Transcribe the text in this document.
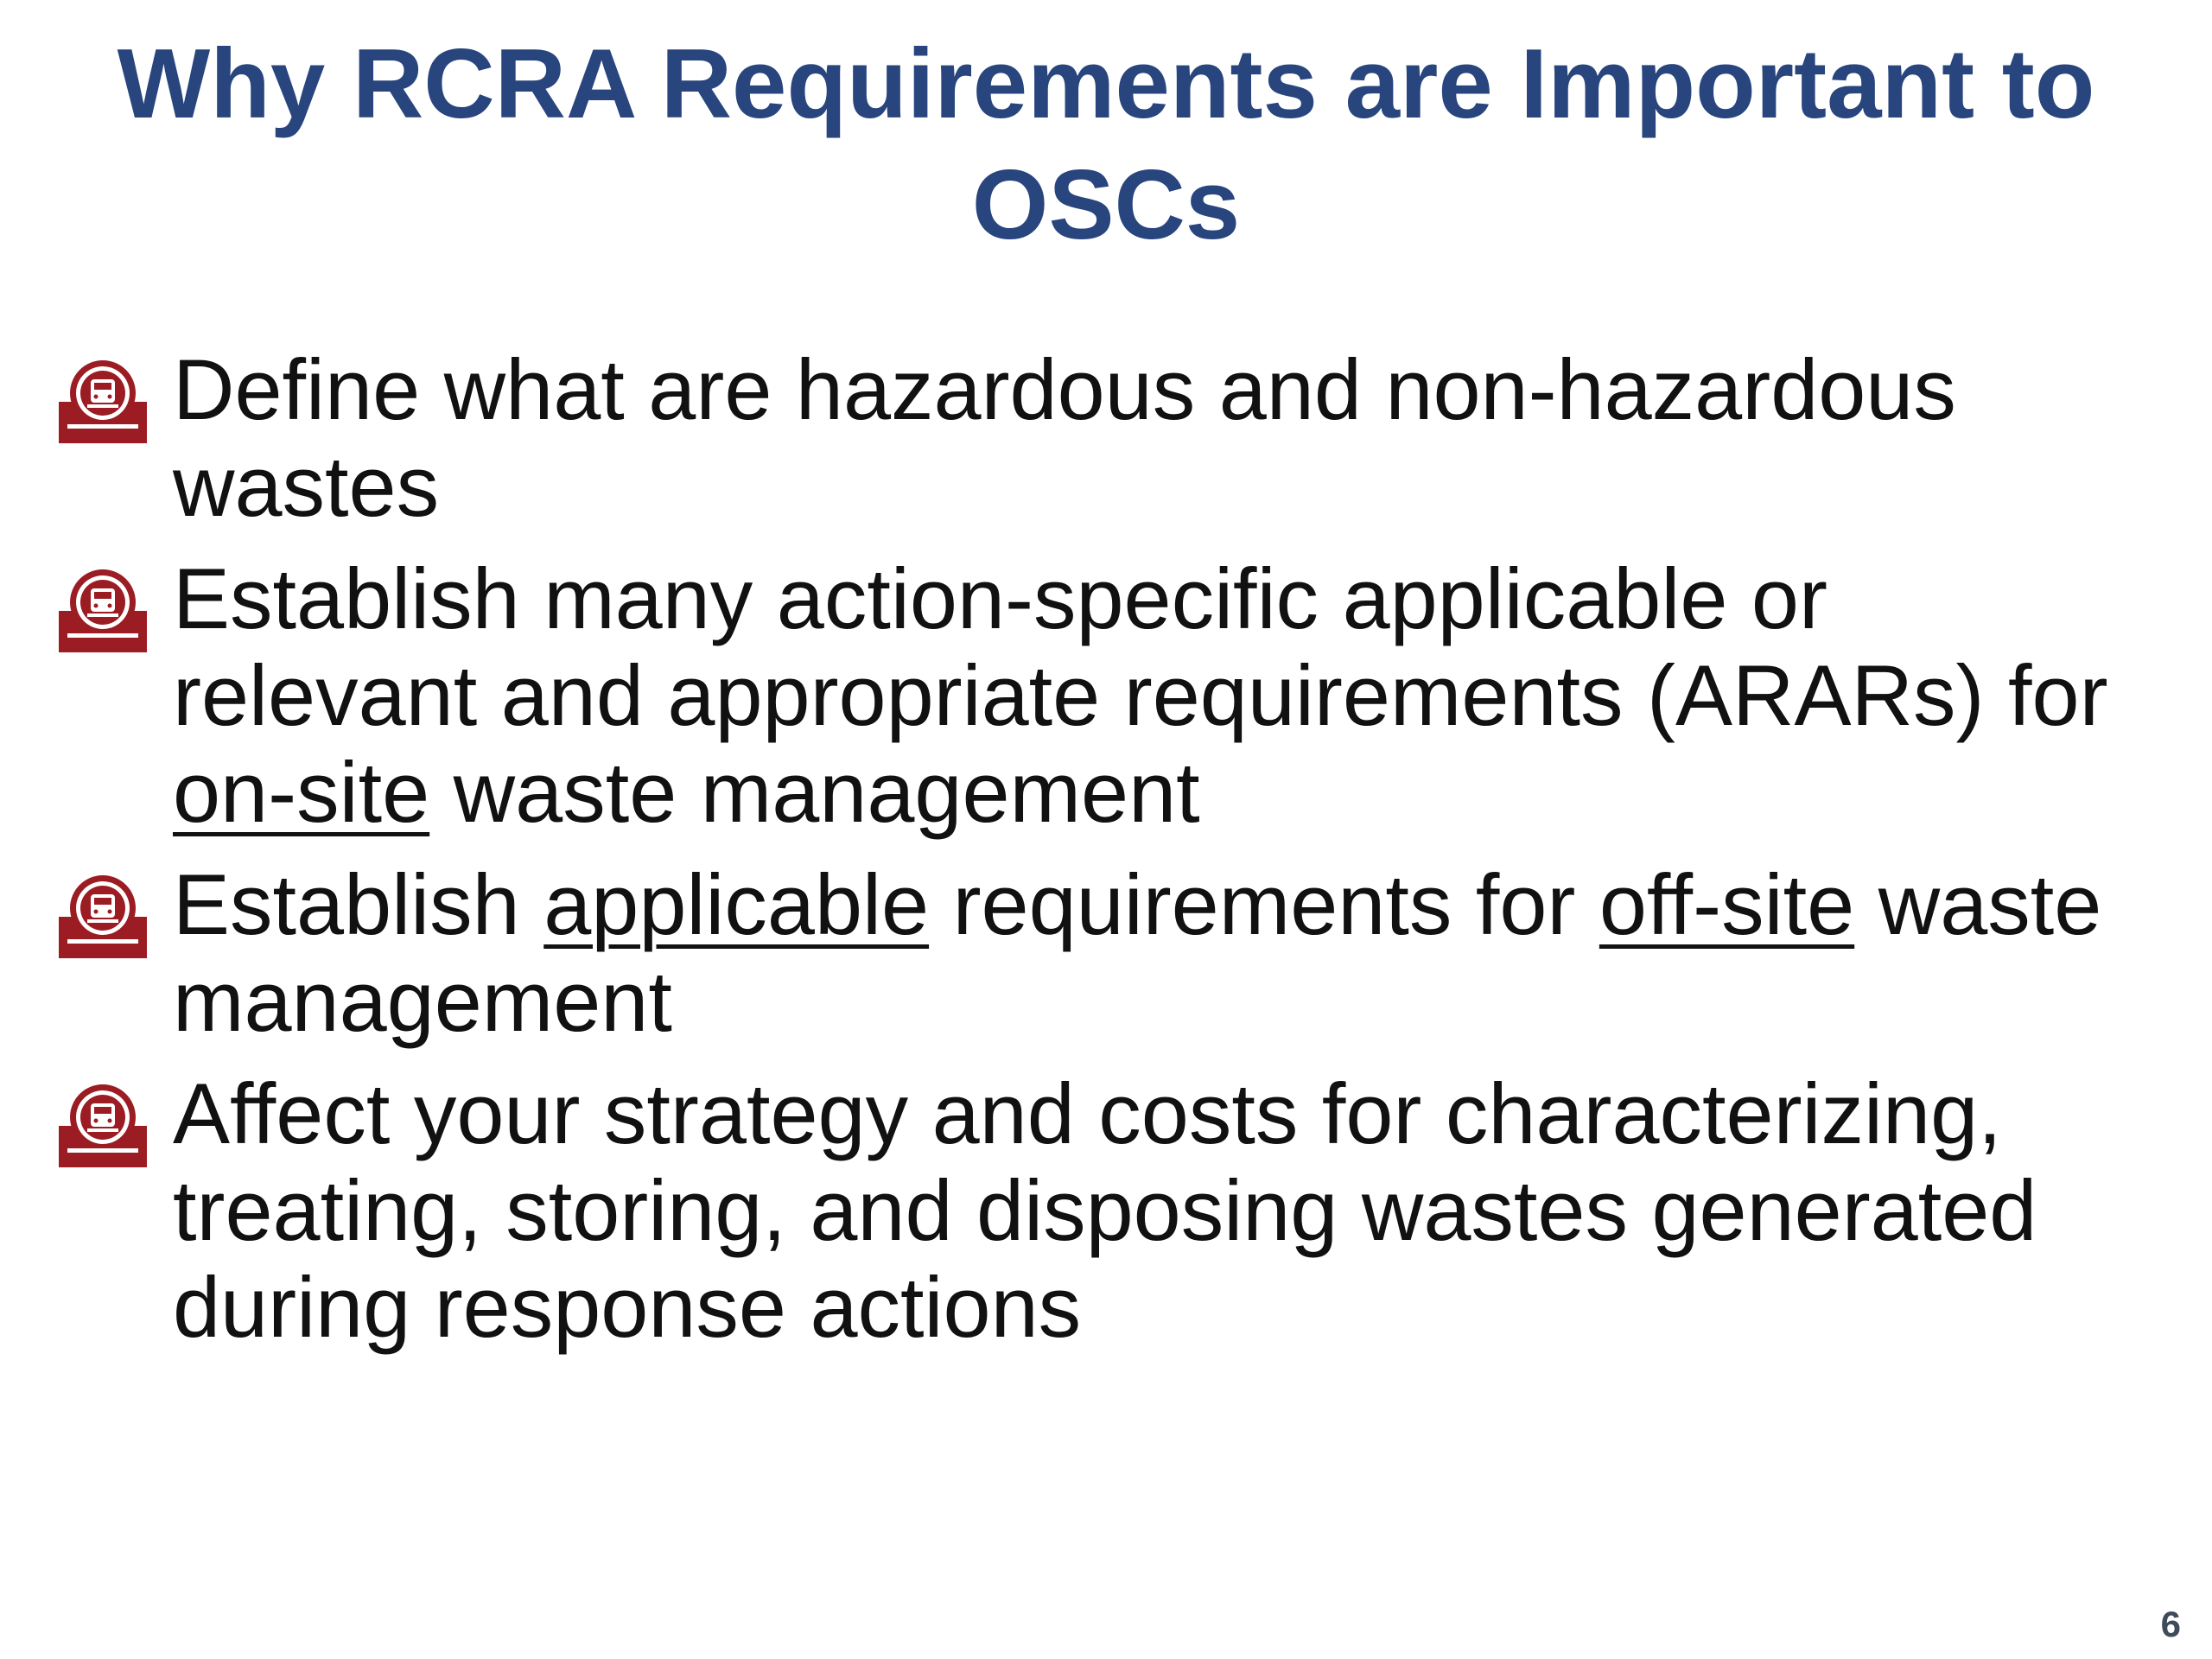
Why RCRA Requirements are Important to OSCs
Define what are hazardous and non-hazardous wastes
Establish many action-specific applicable or relevant and appropriate requirements (ARARs) for on-site waste management
Establish applicable requirements for off-site waste management
Affect your strategy and costs for characterizing, treating, storing, and disposing wastes generated during response actions
6
